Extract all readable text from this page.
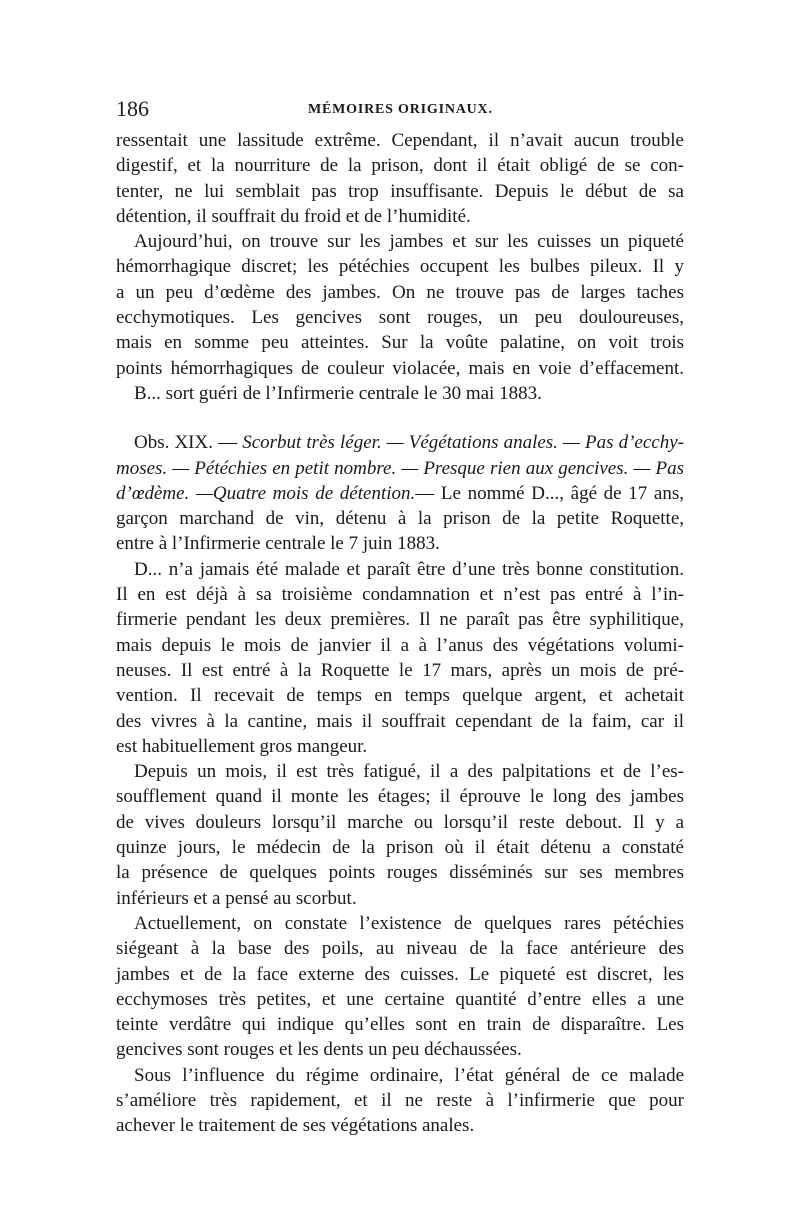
186	MÉMOIRES ORIGINAUX.
ressentait une lassitude extrême. Cependant, il n’avait aucun trouble
digestif, et la nourriture de la prison, dont il était obligé de se con-
tenter, ne lui semblait pas trop insuffisante. Depuis le début de sa
détention, il souffrait du froid et de l’humidité.
Aujourd’hui, on trouve sur les jambes et sur les cuisses un piqueté
hémorrhagique discret; les pétéchies occupent les bulbes pileux. Il y
a un peu d’œdème des jambes. On ne trouve pas de larges taches
ecchymotiques. Les gencives sont rouges, un peu douloureuses,
mais en somme peu atteintes. Sur la voûte palatine, on voit trois
points hémorrhagiques de couleur violacée, mais en voie d’effacement.
B... sort guéri de l’Infirmerie centrale le 30 mai 1883.
Obs. XIX. — Scorbut très léger. — Végétations anales. — Pas d’ecchy-
moses. — Pétéchies en petit nombre. — Presque rien aux gencives. — Pas
d’œdème. —Quatre mois de détention.— Le nommé D..., âgé de 17 ans,
garçon marchand de vin, détenu à la prison de la petite Roquette,
entre à l’Infirmerie centrale le 7 juin 1883.
D... n’a jamais été malade et paraît être d’une très bonne constitution.
Il en est déjà à sa troisième condamnation et n’est pas entré à l’in-
firmerie pendant les deux premières. Il ne paraît pas être syphilitique,
mais depuis le mois de janvier il a à l’anus des végétations volumi-
neuses. Il est entré à la Roquette le 17 mars, après un mois de pré-
vention. Il recevait de temps en temps quelque argent, et achetait
des vivres à la cantine, mais il souffrait cependant de la faim, car il
est habituellement gros mangeur.
Depuis un mois, il est très fatigué, il a des palpitations et de l’es-
soufflement quand il monte les étages; il éprouve le long des jambes
de vives douleurs lorsqu’il marche ou lorsqu’il reste debout. Il y a
quinze jours, le médecin de la prison où il était détenu a constaté
la présence de quelques points rouges disséminés sur ses membres
inférieurs et a pensé au scorbut.
Actuellement, on constate l’existence de quelques rares pétéchies
siégeant à la base des poils, au niveau de la face antérieure des
jambes et de la face externe des cuisses. Le piqueté est discret, les
ecchymoses très petites, et une certaine quantité d’entre elles a une
teinte verdâtre qui indique qu’elles sont en train de disparaître. Les
gencives sont rouges et les dents un peu déchaussées.
Sous l’influence du régime ordinaire, l’état général de ce malade
s’améliore très rapidement, et il ne reste à l’infirmerie que pour
achever le traitement de ses végétations anales.
